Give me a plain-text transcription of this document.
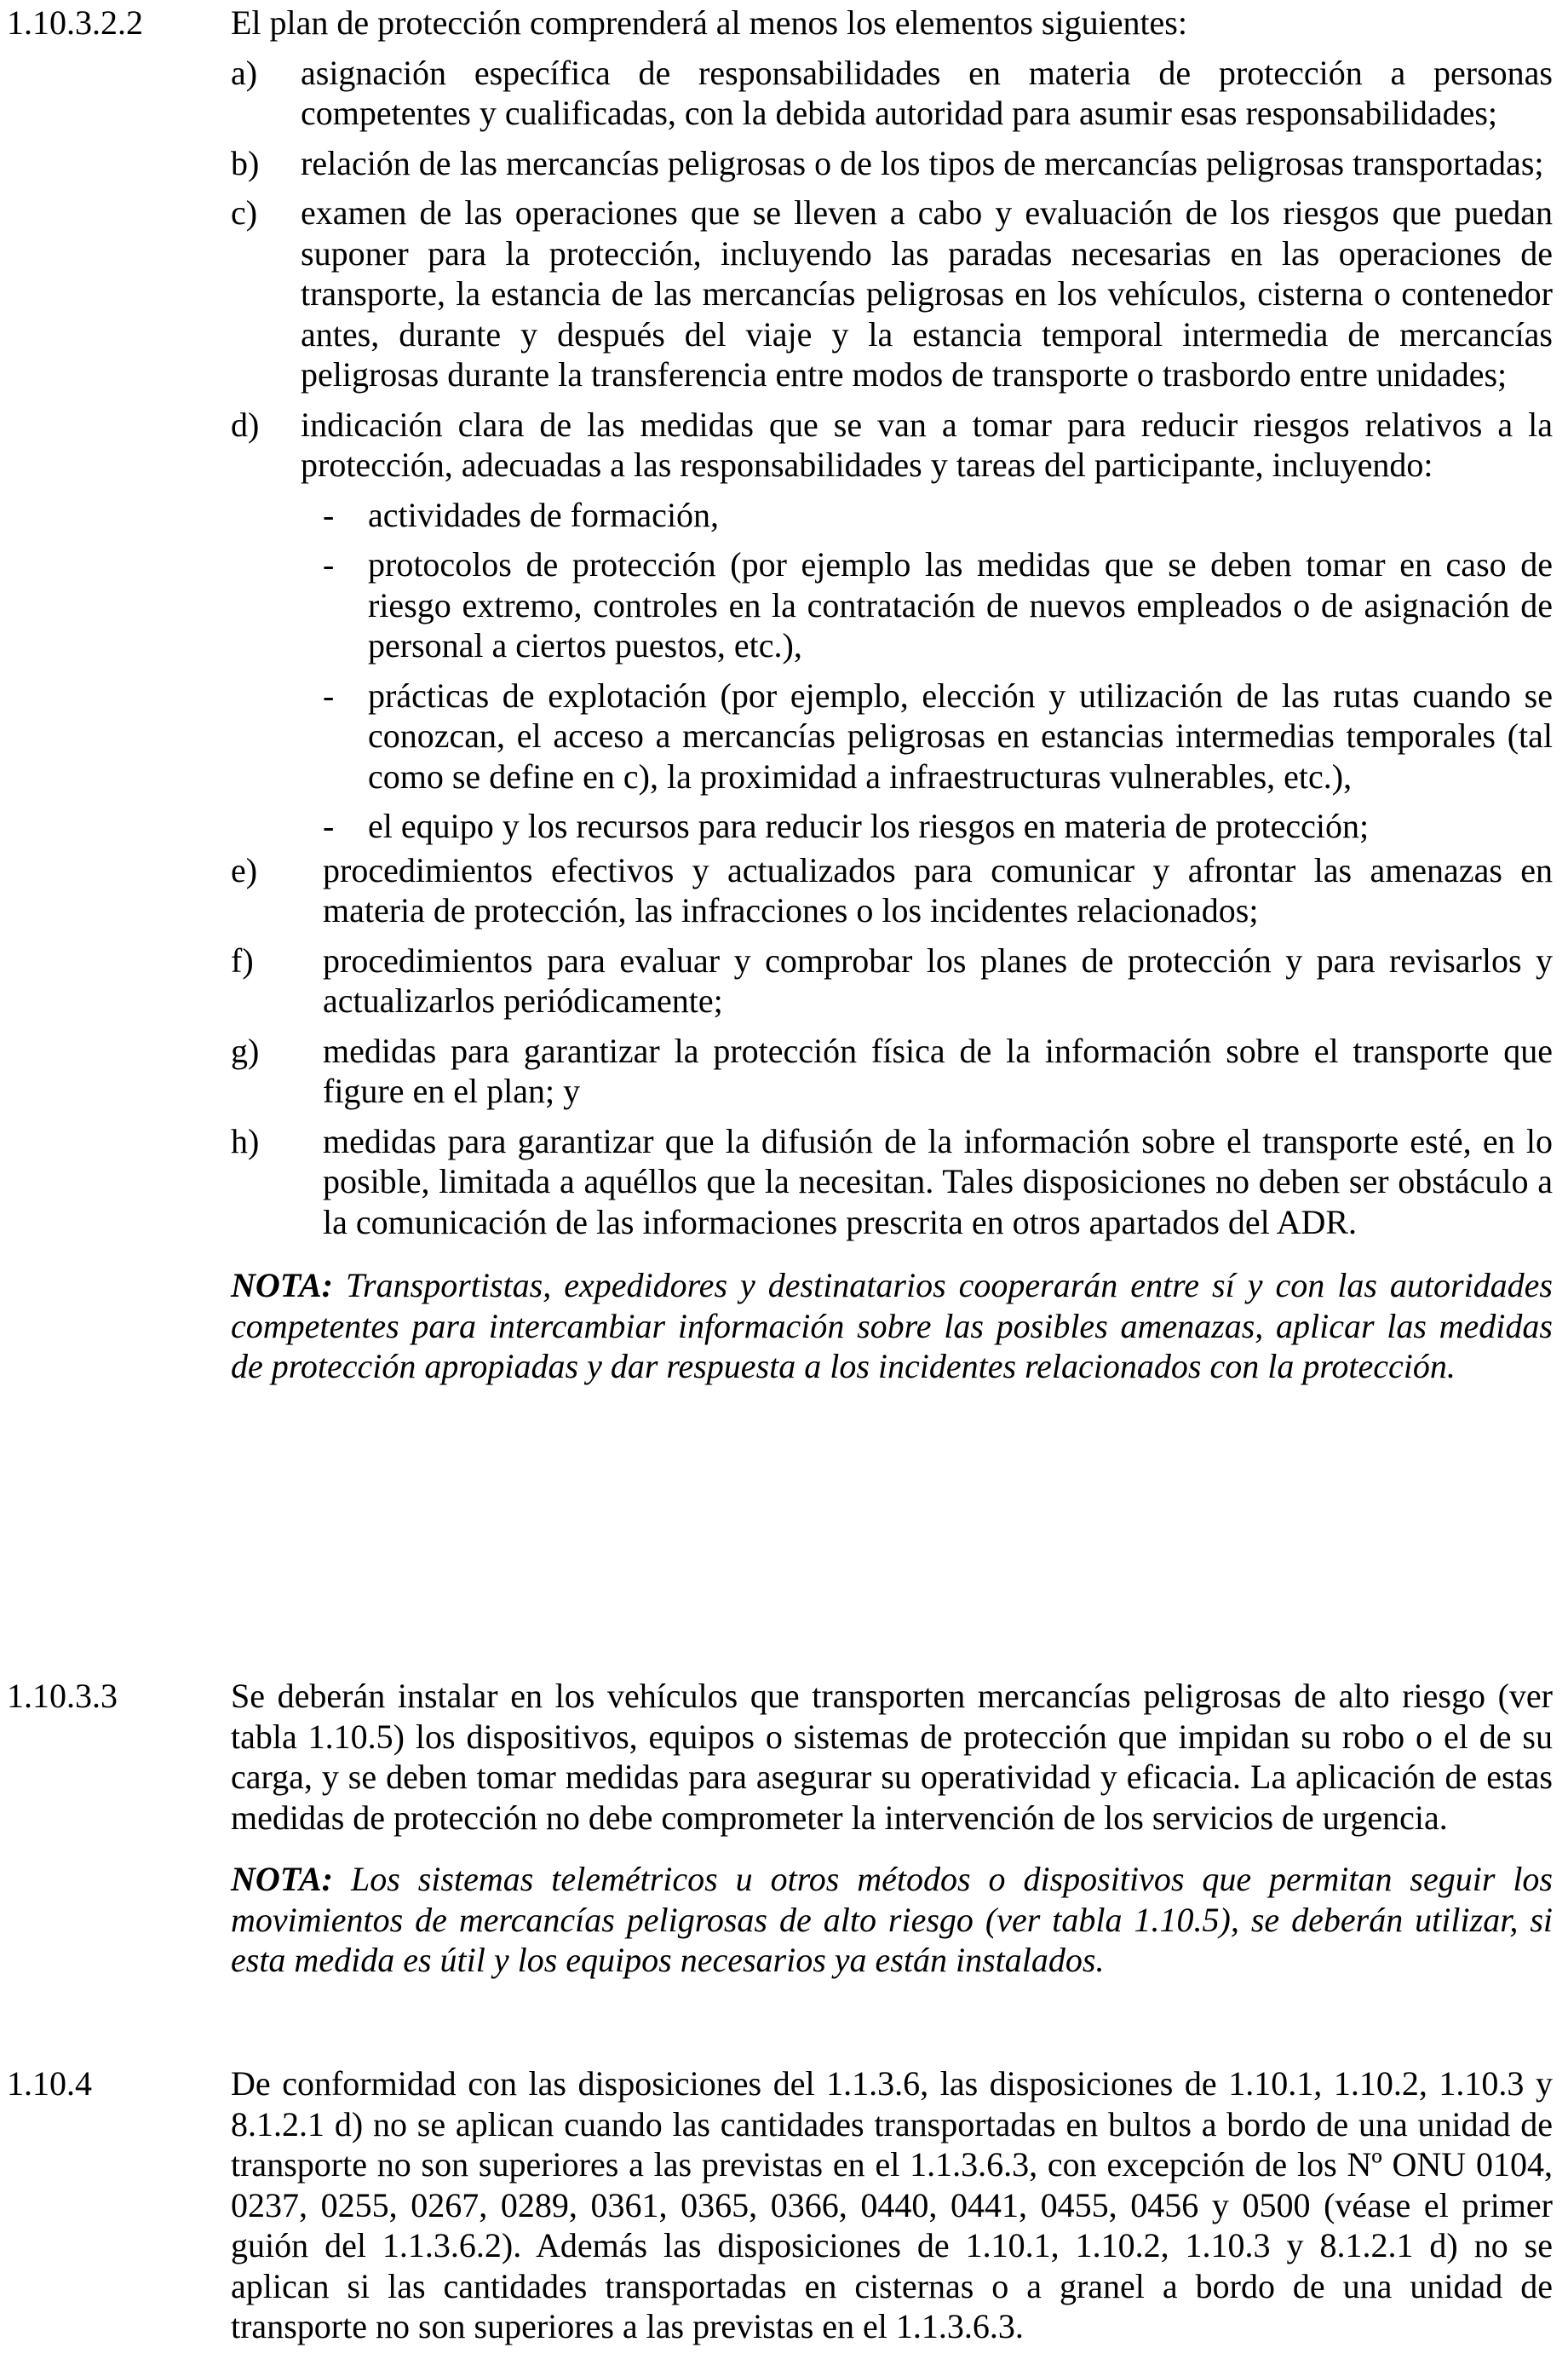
1.10.3.2.2	El plan de protección comprenderá al menos los elementos siguientes:

a) asignación específica de responsabilidades en materia de protección a personas competentes y cualificadas, con la debida autoridad para asumir esas responsabilidades;

b) relación de las mercancías peligrosas o de los tipos de mercancías peligrosas transportadas;

c) examen de las operaciones que se lleven a cabo y evaluación de los riesgos que puedan suponer para la protección, incluyendo las paradas necesarias en las operaciones de transporte, la estancia de las mercancías peligrosas en los vehículos, cisterna o contenedor antes, durante y después del viaje y la estancia temporal intermedia de mercancías peligrosas durante la transferencia entre modos de transporte o trasbordo entre unidades;

d) indicación clara de las medidas que se van a tomar para reducir riesgos relativos a la protección, adecuadas a las responsabilidades y tareas del participante, incluyendo:

- actividades de formación,

- protocolos de protección (por ejemplo las medidas que se deben tomar en caso de riesgo extremo, controles en la contratación de nuevos empleados o de asignación de personal a ciertos puestos, etc.),

- prácticas de explotación (por ejemplo, elección y utilización de las rutas cuando se conozcan, el acceso a mercancías peligrosas en estancias intermedias temporales (tal como se define en c), la proximidad a infraestructuras vulnerables, etc.),

- el equipo y los recursos para reducir los riesgos en materia de protección;

e) procedimientos efectivos y actualizados para comunicar y afrontar las amenazas en materia de protección, las infracciones o los incidentes relacionados;

f) procedimientos para evaluar y comprobar los planes de protección y para revisarlos y actualizarlos periódicamente;

g) medidas para garantizar la protección física de la información sobre el transporte que figure en el plan; y

h) medidas para garantizar que la difusión de la información sobre el transporte esté, en lo posible, limitada a aquéllos que la necesitan. Tales disposiciones no deben ser obstáculo a la comunicación de las informaciones prescrita en otros apartados del ADR.

NOTA: Transportistas, expedidores y destinatarios cooperarán entre sí y con las autoridades competentes para intercambiar información sobre las posibles amenazas, aplicar las medidas de protección apropiadas y dar respuesta a los incidentes relacionados con la protección.

1.10.3.3	Se deberán instalar en los vehículos que transporten mercancías peligrosas de alto riesgo (ver tabla 1.10.5) los dispositivos, equipos o sistemas de protección que impidan su robo o el de su carga, y se deben tomar medidas para asegurar su operatividad y eficacia. La aplicación de estas medidas de protección no debe comprometer la intervención de los servicios de urgencia.

NOTA: Los sistemas telemétricos u otros métodos o dispositivos que permitan seguir los movimientos de mercancías peligrosas de alto riesgo (ver tabla 1.10.5), se deberán utilizar, si esta medida es útil y los equipos necesarios ya están instalados.

1.10.4	De conformidad con las disposiciones del 1.1.3.6, las disposiciones de 1.10.1, 1.10.2, 1.10.3 y 8.1.2.1 d) no se aplican cuando las cantidades transportadas en bultos a bordo de una unidad de transporte no son superiores a las previstas en el 1.1.3.6.3, con excepción de los Nº ONU 0104, 0237, 0255, 0267, 0289, 0361, 0365, 0366, 0440, 0441, 0455, 0456 y 0500 (véase el primer guión del 1.1.3.6.2). Además las disposiciones de 1.10.1, 1.10.2, 1.10.3 y 8.1.2.1 d) no se aplican si las cantidades transportadas en cisternas o a granel a bordo de una unidad de transporte no son superiores a las previstas en el 1.1.3.6.3.
